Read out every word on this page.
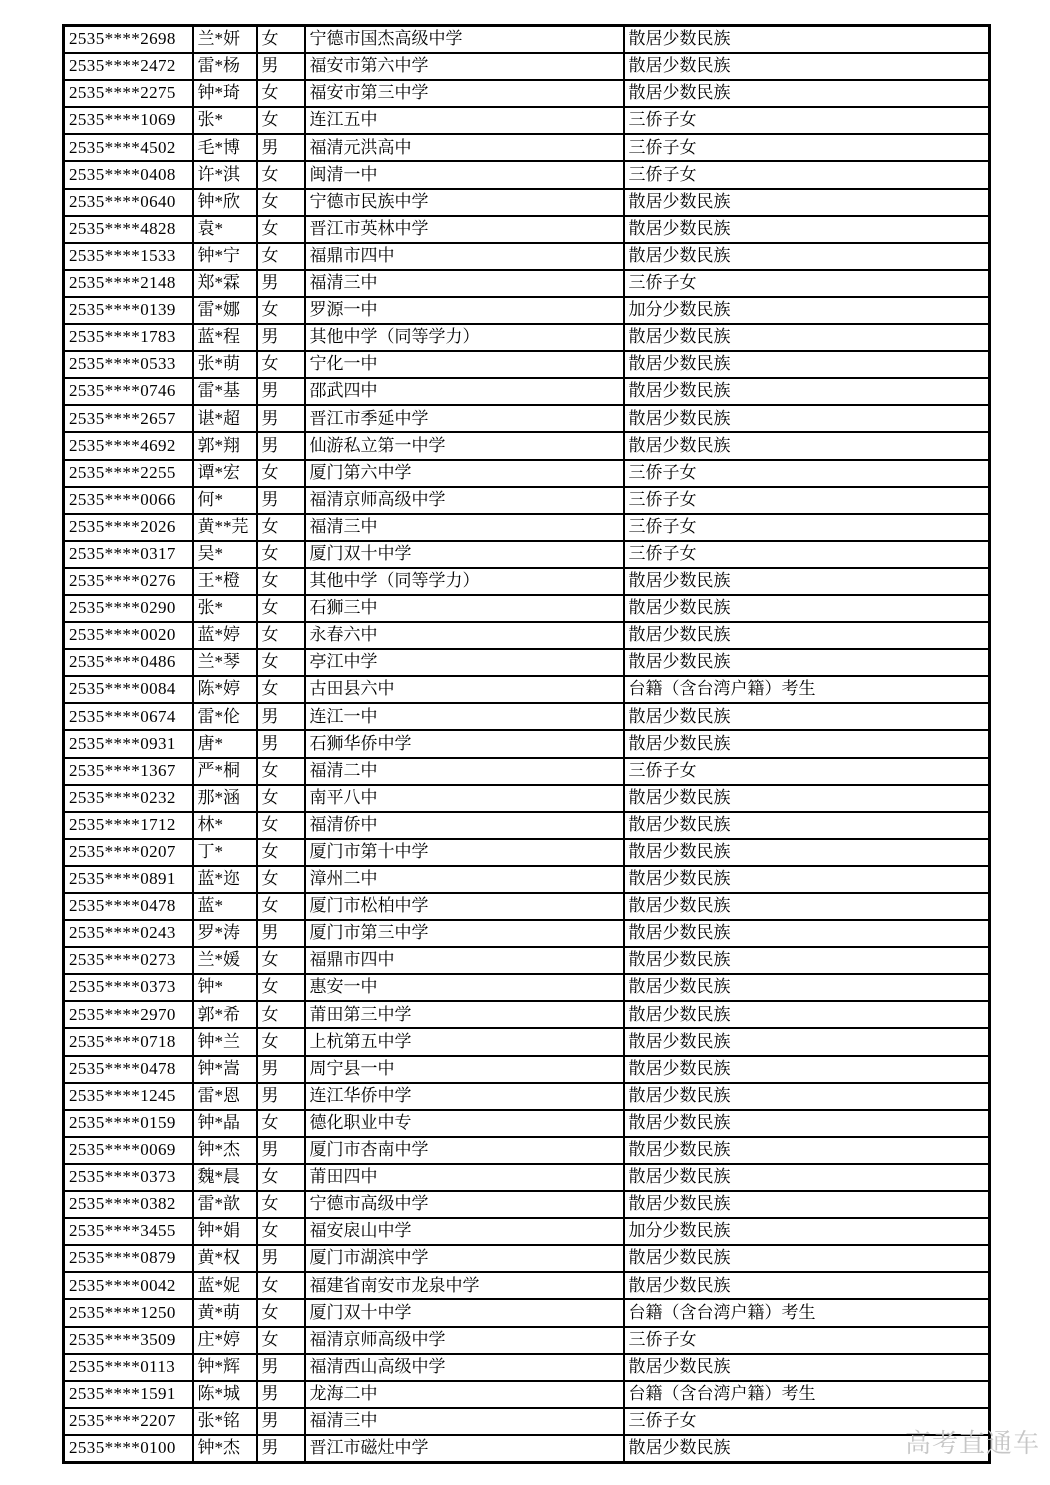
2535****2698	兰*妍	女	宁德市国杰高级中学	散居少数民族
2535****2472	雷*杨	男	福安市第六中学	散居少数民族
2535****2275	钟*琦	女	福安市第三中学	散居少数民族
2535****1069	张*	女	连江五中	三侨子女
2535****4502	毛*博	男	福清元洪高中	三侨子女
2535****0408	许*淇	女	闽清一中	三侨子女
2535****0640	钟*欣	女	宁德市民族中学	散居少数民族
2535****4828	袁*	女	晋江市英林中学	散居少数民族
2535****1533	钟*宁	女	福鼎市四中	散居少数民族
2535****2148	郑*霖	男	福清三中	三侨子女
2535****0139	雷*娜	女	罗源一中	加分少数民族
2535****1783	蓝*程	男	其他中学（同等学力）	散居少数民族
2535****0533	张*萌	女	宁化一中	散居少数民族
2535****0746	雷*基	男	邵武四中	散居少数民族
2535****2657	谌*超	男	晋江市季延中学	散居少数民族
2535****4692	郭*翔	男	仙游私立第一中学	散居少数民族
2535****2255	谭*宏	女	厦门第六中学	三侨子女
2535****0066	何*	男	福清京师高级中学	三侨子女
2535****2026	黄**芫	女	福清三中	三侨子女
2535****0317	吴*	女	厦门双十中学	三侨子女
2535****0276	王*橙	女	其他中学（同等学力）	散居少数民族
2535****0290	张*	女	石狮三中	散居少数民族
2535****0020	蓝*婷	女	永春六中	散居少数民族
2535****0486	兰*琴	女	亭江中学	散居少数民族
2535****0084	陈*婷	女	古田县六中	台籍（含台湾户籍）考生
2535****0674	雷*伦	男	连江一中	散居少数民族
2535****0931	唐*	男	石狮华侨中学	散居少数民族
2535****1367	严*桐	女	福清二中	三侨子女
2535****0232	那*涵	女	南平八中	散居少数民族
2535****1712	林*	女	福清侨中	散居少数民族
2535****0207	丁*	女	厦门市第十中学	散居少数民族
2535****0891	蓝*迩	女	漳州二中	散居少数民族
2535****0478	蓝*	女	厦门市松柏中学	散居少数民族
2535****0243	罗*涛	男	厦门市第三中学	散居少数民族
2535****0273	兰*媛	女	福鼎市四中	散居少数民族
2535****0373	钟*	女	惠安一中	散居少数民族
2535****2970	郭*希	女	莆田第三中学	散居少数民族
2535****0718	钟*兰	女	上杭第五中学	散居少数民族
2535****0478	钟*嵩	男	周宁县一中	散居少数民族
2535****1245	雷*恩	男	连江华侨中学	散居少数民族
2535****0159	钟*晶	女	德化职业中专	散居少数民族
2535****0069	钟*杰	男	厦门市杏南中学	散居少数民族
2535****0373	魏*晨	女	莆田四中	散居少数民族
2535****0382	雷*歆	女	宁德市高级中学	散居少数民族
2535****3455	钟*娟	女	福安扆山中学	加分少数民族
2535****0879	黄*权	男	厦门市湖滨中学	散居少数民族
2535****0042	蓝*妮	女	福建省南安市龙泉中学	散居少数民族
2535****1250	黄*萌	女	厦门双十中学	台籍（含台湾户籍）考生
2535****3509	庄*婷	女	福清京师高级中学	三侨子女
2535****0113	钟*辉	男	福清西山高级中学	散居少数民族
2535****1591	陈*城	男	龙海二中	台籍（含台湾户籍）考生
2535****2207	张*铭	男	福清三中	三侨子女
2535****0100	钟*杰	男	晋江市磁灶中学	散居少数民族	高考直通车
